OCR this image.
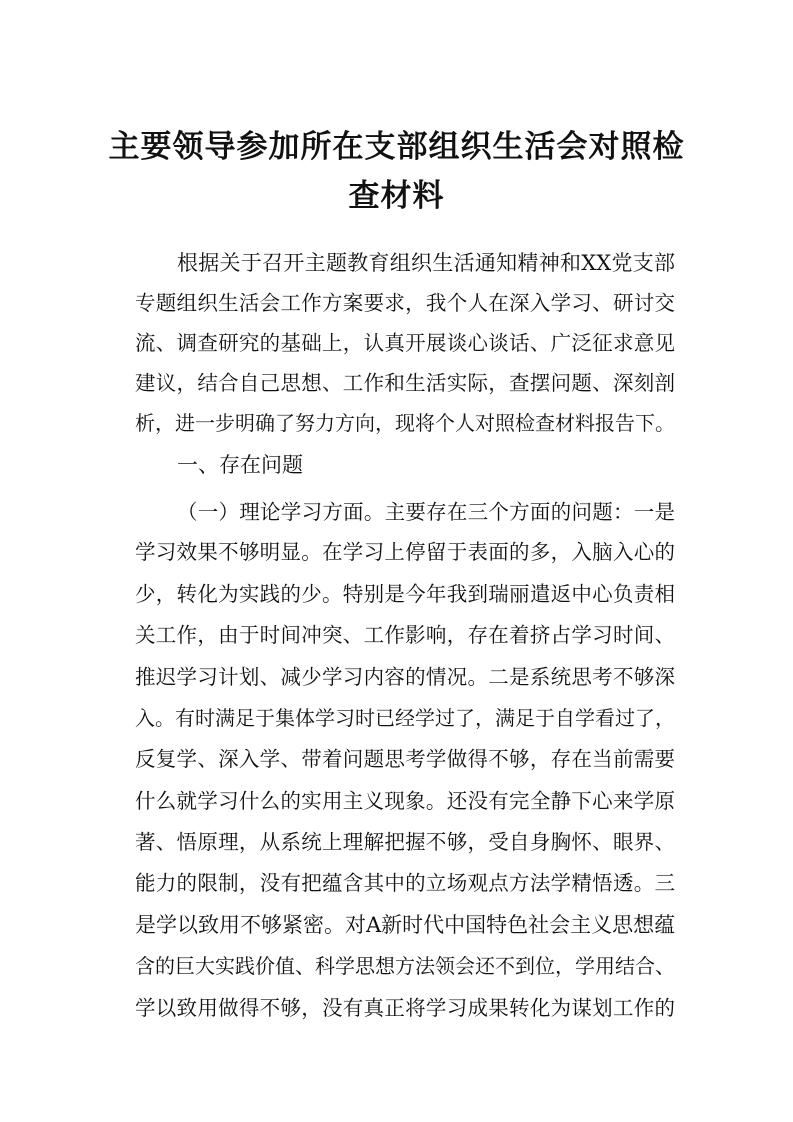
主要领导参加所在支部组织生活会对照检
查材料
根据关于召开主题教育组织生活通知精神和XX党支部
专题组织生活会工作方案要求，我个人在深入学习、研讨交
流、调查研究的基础上，认真开展谈心谈话、广泛征求意见
建议，结合自己思想、工作和生活实际，查摆问题、深刻剖
析，进一步明确了努力方向，现将个人对照检查材料报告下。
一、存在问题
（一）理论学习方面。主要存在三个方面的问题：一是
学习效果不够明显。在学习上停留于表面的多，入脑入心的
少，转化为实践的少。特别是今年我到瑞丽遣返中心负责相
关工作，由于时间冲突、工作影响，存在着挤占学习时间、
推迟学习计划、减少学习内容的情况。二是系统思考不够深
入。有时满足于集体学习时已经学过了，满足于自学看过了，
反复学、深入学、带着问题思考学做得不够，存在当前需要
什么就学习什么的实用主义现象。还没有完全静下心来学原
著、悟原理，从系统上理解把握不够，受自身胸怀、眼界、
能力的限制，没有把蕴含其中的立场观点方法学精悟透。三
是学以致用不够紧密。对A新时代中国特色社会主义思想蕴
含的巨大实践价值、科学思想方法领会还不到位，学用结合、
学以致用做得不够，没有真正将学习成果转化为谋划工作的
